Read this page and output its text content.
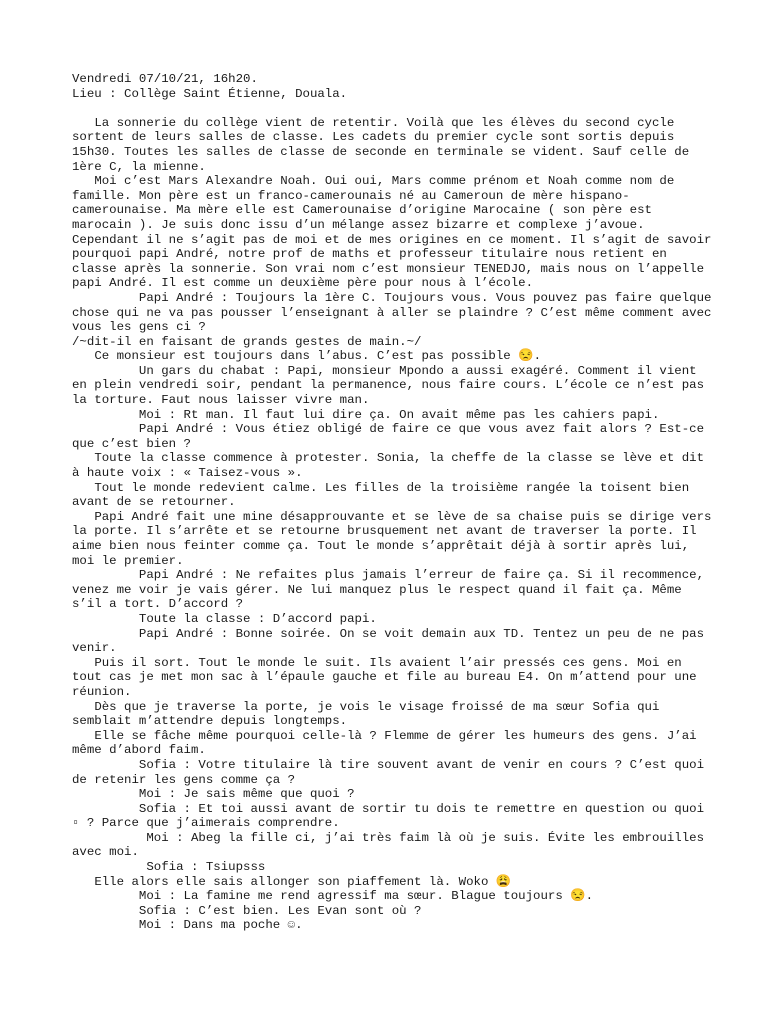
Vendredi 07/10/21, 16h20.

Lieu : Collège Saint Étienne, Douala.

La sonnerie du collège vient de retentir. Voilà que les élèves du second cycle sortent de leurs salles de classe. Les cadets du premier cycle sont sortis depuis 15h30. Toutes les salles de classe de seconde en terminale se vident. Sauf celle de 1ère C, la mienne.

Moi c’est Mars Alexandre Noah. Oui oui, Mars comme prénom et Noah comme nom de famille. Mon père est un franco-camerounais né au Cameroun de mère hispano-camerounaise. Ma mère elle est Camerounaise d’origine Marocaine ( son père est marocain ). Je suis donc issu d’un mélange assez bizarre et complexe j’avoue. Cependant il ne s’agit pas de moi et de mes origines en ce moment. Il s’agit de savoir pourquoi papi André, notre prof de maths et professeur titulaire nous retient en classe après la sonnerie. Son vrai nom c’est monsieur TENEDJO, mais nous on l’appelle papi André. Il est comme un deuxième père pour nous à l’école.

Papi André : Toujours la 1ère C. Toujours vous. Vous pouvez pas faire quelque chose qui ne va pas pousser l’enseignant à aller se plaindre ? C’est même comment avec vous les gens ci ?

/~dit-il en faisant de grands gestes de main.~/

Ce monsieur est toujours dans l’abus. C’est pas possible 😒.

Un gars du chabat : Papi, monsieur Mpondo a aussi exagéré. Comment il vient en plein vendredi soir, pendant la permanence, nous faire cours. L’école ce n’est pas la torture. Faut nous laisser vivre man.

Moi : Rt man. Il faut lui dire ça. On avait même pas les cahiers papi.

Papi André : Vous étiez obligé de faire ce que vous avez fait alors ? Est-ce que c’est bien ?

Toute la classe commence à protester. Sonia, la cheffe de la classe se lève et dit à haute voix : « Taisez-vous ».

Tout le monde redevient calme. Les filles de la troisième rangée la toisent bien avant de se retourner.

Papi André fait une mine désapprouvante et se lève de sa chaise puis se dirige vers la porte. Il s’arrête et se retourne brusquement net avant de traverser la porte. Il aime bien nous feinter comme ça. Tout le monde s’apprêtait déjà à sortir après lui, moi le premier.

Papi André : Ne refaites plus jamais l’erreur de faire ça. Si il recommence, venez me voir je vais gérer. Ne lui manquez plus le respect quand il fait ça. Même s’il a tort. D’accord ?

Toute la classe : D’accord papi.

Papi André : Bonne soirée. On se voit demain aux TD. Tentez un peu de ne pas venir.

Puis il sort. Tout le monde le suit. Ils avaient l’air pressés ces gens. Moi en tout cas je met mon sac à l’épaule gauche et file au bureau E4. On m’attend pour une réunion.

Dès que je traverse la porte, je vois le visage froissé de ma sœur Sofia qui semblait m’attendre depuis longtemps.

Elle se fâche même pourquoi celle-là ? Flemme de gérer les humeurs des gens. J’ai même d’abord faim.

Sofia : Votre titulaire là tire souvent avant de venir en cours ? C’est quoi de retenir les gens comme ça ?

Moi : Je sais même que quoi ?

Sofia : Et toi aussi avant de sortir tu dois te remettre en question ou quoi ▫ ? Parce que j’aimerais comprendre.

Moi : Abeg la fille ci, j’ai très faim là où je suis. Évite les embrouilles avec moi.

Sofia : Tsiupsss

Elle alors elle sais allonger son piaffement là. Woko 😩

Moi : La famine me rend agressif ma sœur. Blague toujours 😒.

Sofia : C’est bien. Les Evan sont où ?

Moi : Dans ma poche ☺.
